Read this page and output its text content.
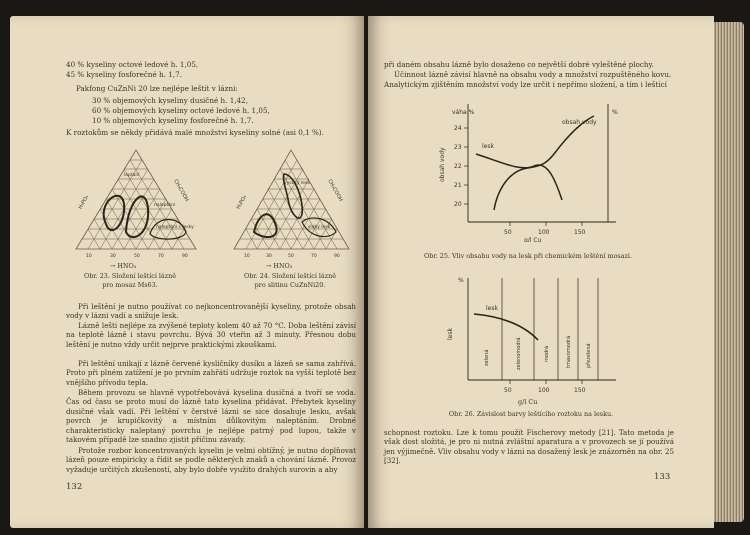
40 % kyseliny octové ledové h. 1,05,
45 % kyseliny fosforečné h. 1,7.
Pakfong CuZnNi 20 lze nejlépe leštit v lázni:
30 % objemových kyseliny dusičné h. 1,42,
60 % objemových kyseliny octové ledové h. 1,05,
10 % objemových kyseliny fosforečné h. 1,7.
K roztokům se někdy přidává malé množství kyseliny solné (asi 0,1 %).
leptání
naleptání
naleptání s lesky
10	30	50	70	90
H₃PO₄	CH₃COOH
→ HNO₃
Obr. 23. Složení leštící lázně
pro mosaz Ms63.
vysoký lesk
slabý lesk
10	30	50	70	90
H₃PO₄	CH₃COOH
→ HNO₃
Obr. 24. Složení leštící lázně
pro slitinu CuZnNi20.
Při leštění je nutno používat co nejkoncentrovanější kyseliny, protože obsah vody v lázni vadí a snižuje lesk.
Lázně lešti nejlépe za zvýšené teploty kolem 40 až 70 °C. Doba leštění závisí na teplotě lázně i stavu povrchu. Bývá 30 vteřin až 3 minuty. Přesnou dobu leštění je nutno vždy určit nejprve praktickými zkouškami.
Při leštění unikají z lázně červené kysličníky dusíku a lázeň se sama zahřívá. Proto při plném zatížení je po prvním zahřátí udržuje roztok na vyšší teplotě bez vnějšího přívodu tepla.
Během provozu se hlavně vypotřebovává kyselina dusičná a tvoří se voda. Čas od času se proto musí do lázně tato kyselina přidávat. Přebytek kyseliny dusičné však vadí. Při leštění v čerstvé lázni se sice dosahuje lesku, avšak povrch je krupičkovitý a místním důlkovitým naleptáním. Drobné charakteristicky naleptaný povrchu je nejlépe patrný pod lupou, takže v takovém případě lze snadno zjistit příčinu závady.
Protože rozbor koncentrovaných kyselin je velmi obtížný, je nutno doplňovat lázeň pouze empiricky a řídit se podle některých znaků a chování lázně. Provoz vyžaduje určitých zkušeností, aby bylo dobře využito drahých surovin a aby
132
při daném obsahu lázně bylo dosaženo co největší dobré vyleštěné plochy.
Účinnost lázně závisí hlavně na obsahu vody a množství rozpuštěného kovu.
Analytickým zjištěním množství vody lze určit i nepřímo složení, a tím i leštící
24
23
22
21
20
50	100	150
váha %	%
g/l Cu
lesk
obsah vody
obsah vody
Obr. 25. Vliv obsahu vody na lesk při chemickém leštění mosazi.
%
lesk
lesk
50	100	150
zelená	zelenomodrá	modrá	tmavomodrá	přezelená
g/l Cu
Obr. 26. Závislost barvy leštícího roztoku na lesku.
schopnost roztoku. Lze k tomu použít Fischerovy metody [21]. Tato metoda je však dost složitá, je pro ni nutná zvláštní aparatura a v provozech se jí používá jen výjimečně. Vliv obsahu vody v lázni na dosažený lesk je znázorněn na obr. 25 [32].
133
